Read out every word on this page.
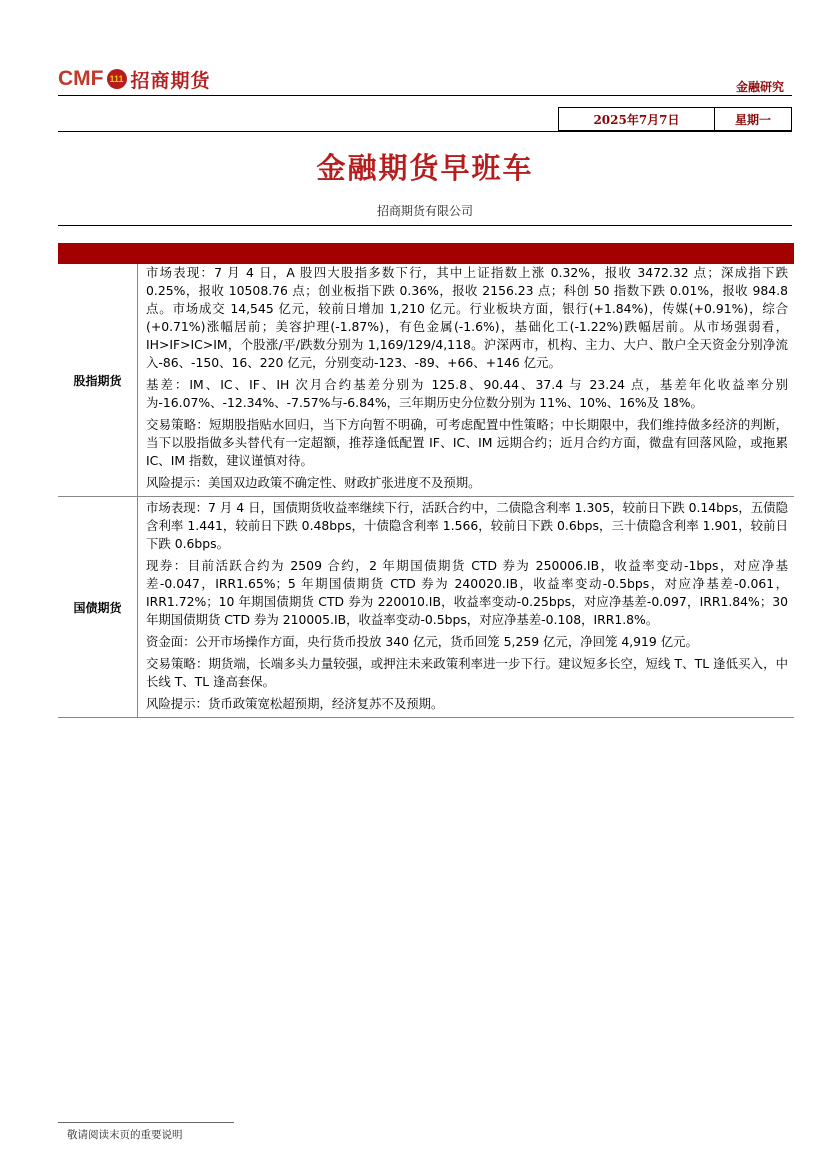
CMF 111 招商期货	金融研究
2025年7月7日	星期一
金融期货早班车
招商期货有限公司
股指期货

市场表现：7 月 4 日，A 股四大股指多数下行，其中上证指数上涨 0.32%，报收 3472.32 点；深成指下跌 0.25%，报收 10508.76 点；创业板指下跌 0.36%，报收 2156.23 点；科创 50 指数下跌 0.01%，报收 984.8 点。市场成交 14,545 亿元，较前日增加 1,210 亿元。行业板块方面，银行(+1.84%)，传媒(+0.91%)，综合(+0.71%)涨幅居前；美容护理(-1.87%)，有色金属(-1.6%)，基础化工(-1.22%)跌幅居前。从市场强弱看，IH>IF>IC>IM，个股涨/平/跌数分别为 1,169/129/4,118。沪深两市，机构、主力、大户、散户全天资金分别净流入-86、-150、16、220 亿元，分别变动-123、-89、+66、+146 亿元。

基差：IM、IC、IF、IH 次月合约基差分别为 125.8、90.44、37.4 与 23.24 点，基差年化收益率分别为-16.07%、-12.34%、-7.57%与-6.84%，三年期历史分位数分别为 11%、10%、16%及 18%。

交易策略：短期股指贴水回归，当下方向暂不明确，可考虑配置中性策略；中长期限中，我们维持做多经济的判断，当下以股指做多头替代有一定超额，推荐逢低配置 IF、IC、IM 远期合约；近月合约方面，微盘有回落风险，或拖累 IC、IM 指数，建议谨慎对待。

风险提示：美国双边政策不确定性、财政扩张进度不及预期。

国债期货

市场表现：7 月 4 日，国债期货收益率继续下行，活跃合约中，二债隐含利率 1.305，较前日下跌 0.14bps，五债隐含利率 1.441，较前日下跌 0.48bps，十债隐含利率 1.566，较前日下跌 0.6bps，三十债隐含利率 1.901，较前日下跌 0.6bps。

现券：目前活跃合约为 2509 合约，2 年期国债期货 CTD 券为 250006.IB，收益率变动-1bps，对应净基差-0.047，IRR1.65%；5 年期国债期货 CTD 券为 240020.IB，收益率变动-0.5bps，对应净基差-0.061，IRR1.72%；10 年期国债期货 CTD 券为 220010.IB，收益率变动-0.25bps，对应净基差-0.097，IRR1.84%；30 年期国债期货 CTD 券为 210005.IB，收益率变动-0.5bps，对应净基差-0.108，IRR1.8%。

资金面：公开市场操作方面，央行货币投放 340 亿元，货币回笼 5,259 亿元，净回笼 4,919 亿元。

交易策略：期货端，长端多头力量较强，或押注未来政策利率进一步下行。建议短多长空，短线 T、TL 逢低买入，中长线 T、TL 逢高套保。

风险提示：货币政策宽松超预期，经济复苏不及预期。

敬请阅读末页的重要说明
